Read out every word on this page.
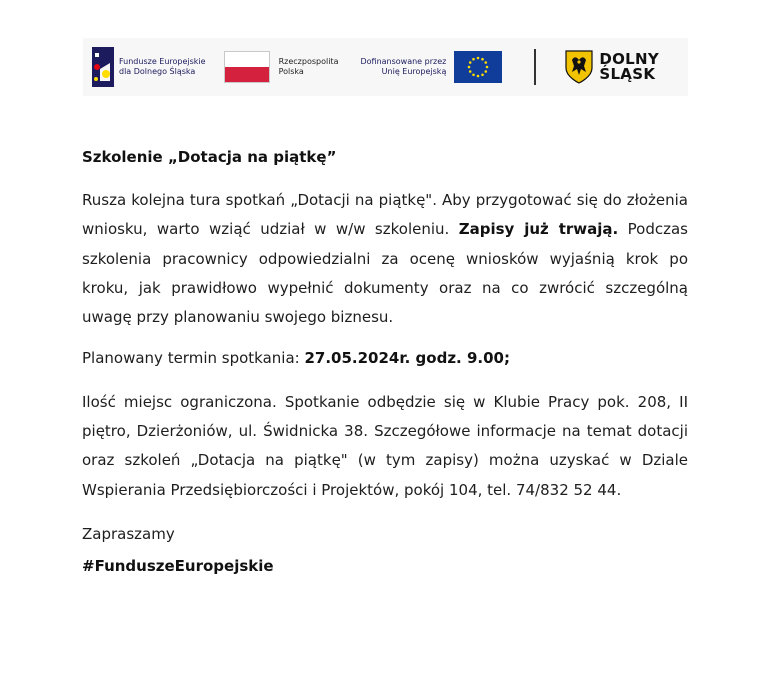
Fundusze Europejskie
dla Dolnego Śląska
Rzeczpospolita
Polska
Dofinansowane przez
Unię Europejską
DOLNY
ŚLĄSK
Szkolenie „Dotacja na piątkę”

Rusza kolejna tura spotkań „Dotacji na piątkę". Aby przygotować się do złożenia wniosku, warto wziąć udział w w/w szkoleniu. Zapisy już trwają. Podczas szkolenia pracownicy odpowiedzialni za ocenę wniosków wyjaśnią krok po kroku, jak prawidłowo wypełnić dokumenty oraz na co zwrócić szczególną uwagę przy planowaniu swojego biznesu.

Planowany termin spotkania: 27.05.2024r. godz. 9.00;

Ilość miejsc ograniczona. Spotkanie odbędzie się w Klubie Pracy pok. 208, II piętro, Dzierżoniów, ul. Świdnicka 38. Szczegółowe informacje na temat dotacji oraz szkoleń „Dotacja na piątkę" (w tym zapisy) można uzyskać w Dziale Wspierania Przedsiębiorczości i Projektów, pokój 104, tel. 74/832 52 44.

Zapraszamy

#FunduszeEuropejskie
